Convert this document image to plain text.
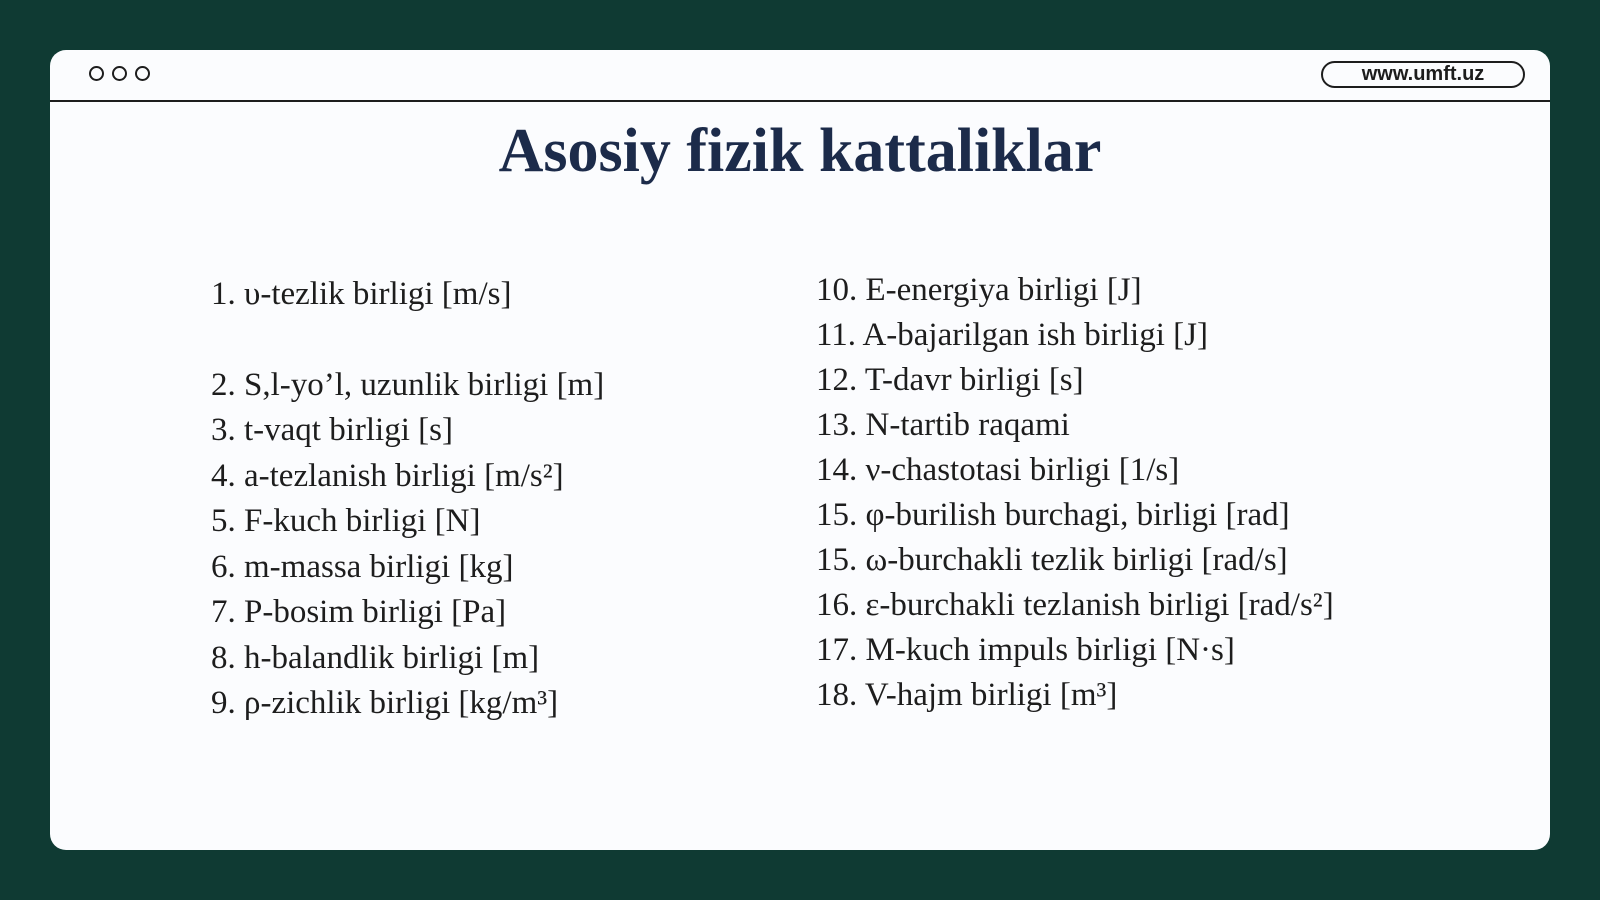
www.umft.uz
Asosiy fizik kattaliklar
1. υ-tezlik birligi [m/s]
2. S,l-yo’l, uzunlik birligi [m]
3. t-vaqt birligi [s]
4. a-tezlanish birligi [m/s²]
5. F-kuch birligi [N]
6. m-massa birligi [kg]
7. P-bosim birligi [Pa]
8. h-balandlik birligi [m]
9. ρ-zichlik birligi [kg/m³]
10. E-energiya birligi [J]
11. A-bajarilgan ish birligi [J]
12. T-davr birligi [s]
13. N-tartib raqami
14. ν-chastotasi birligi [1/s]
15. φ-burilish burchagi, birligi [rad]
15. ω-burchakli tezlik birligi [rad/s]
16. ε-burchakli tezlanish birligi [rad/s²]
17. M-kuch impuls birligi [N·s]
18. V-hajm birligi [m³]
